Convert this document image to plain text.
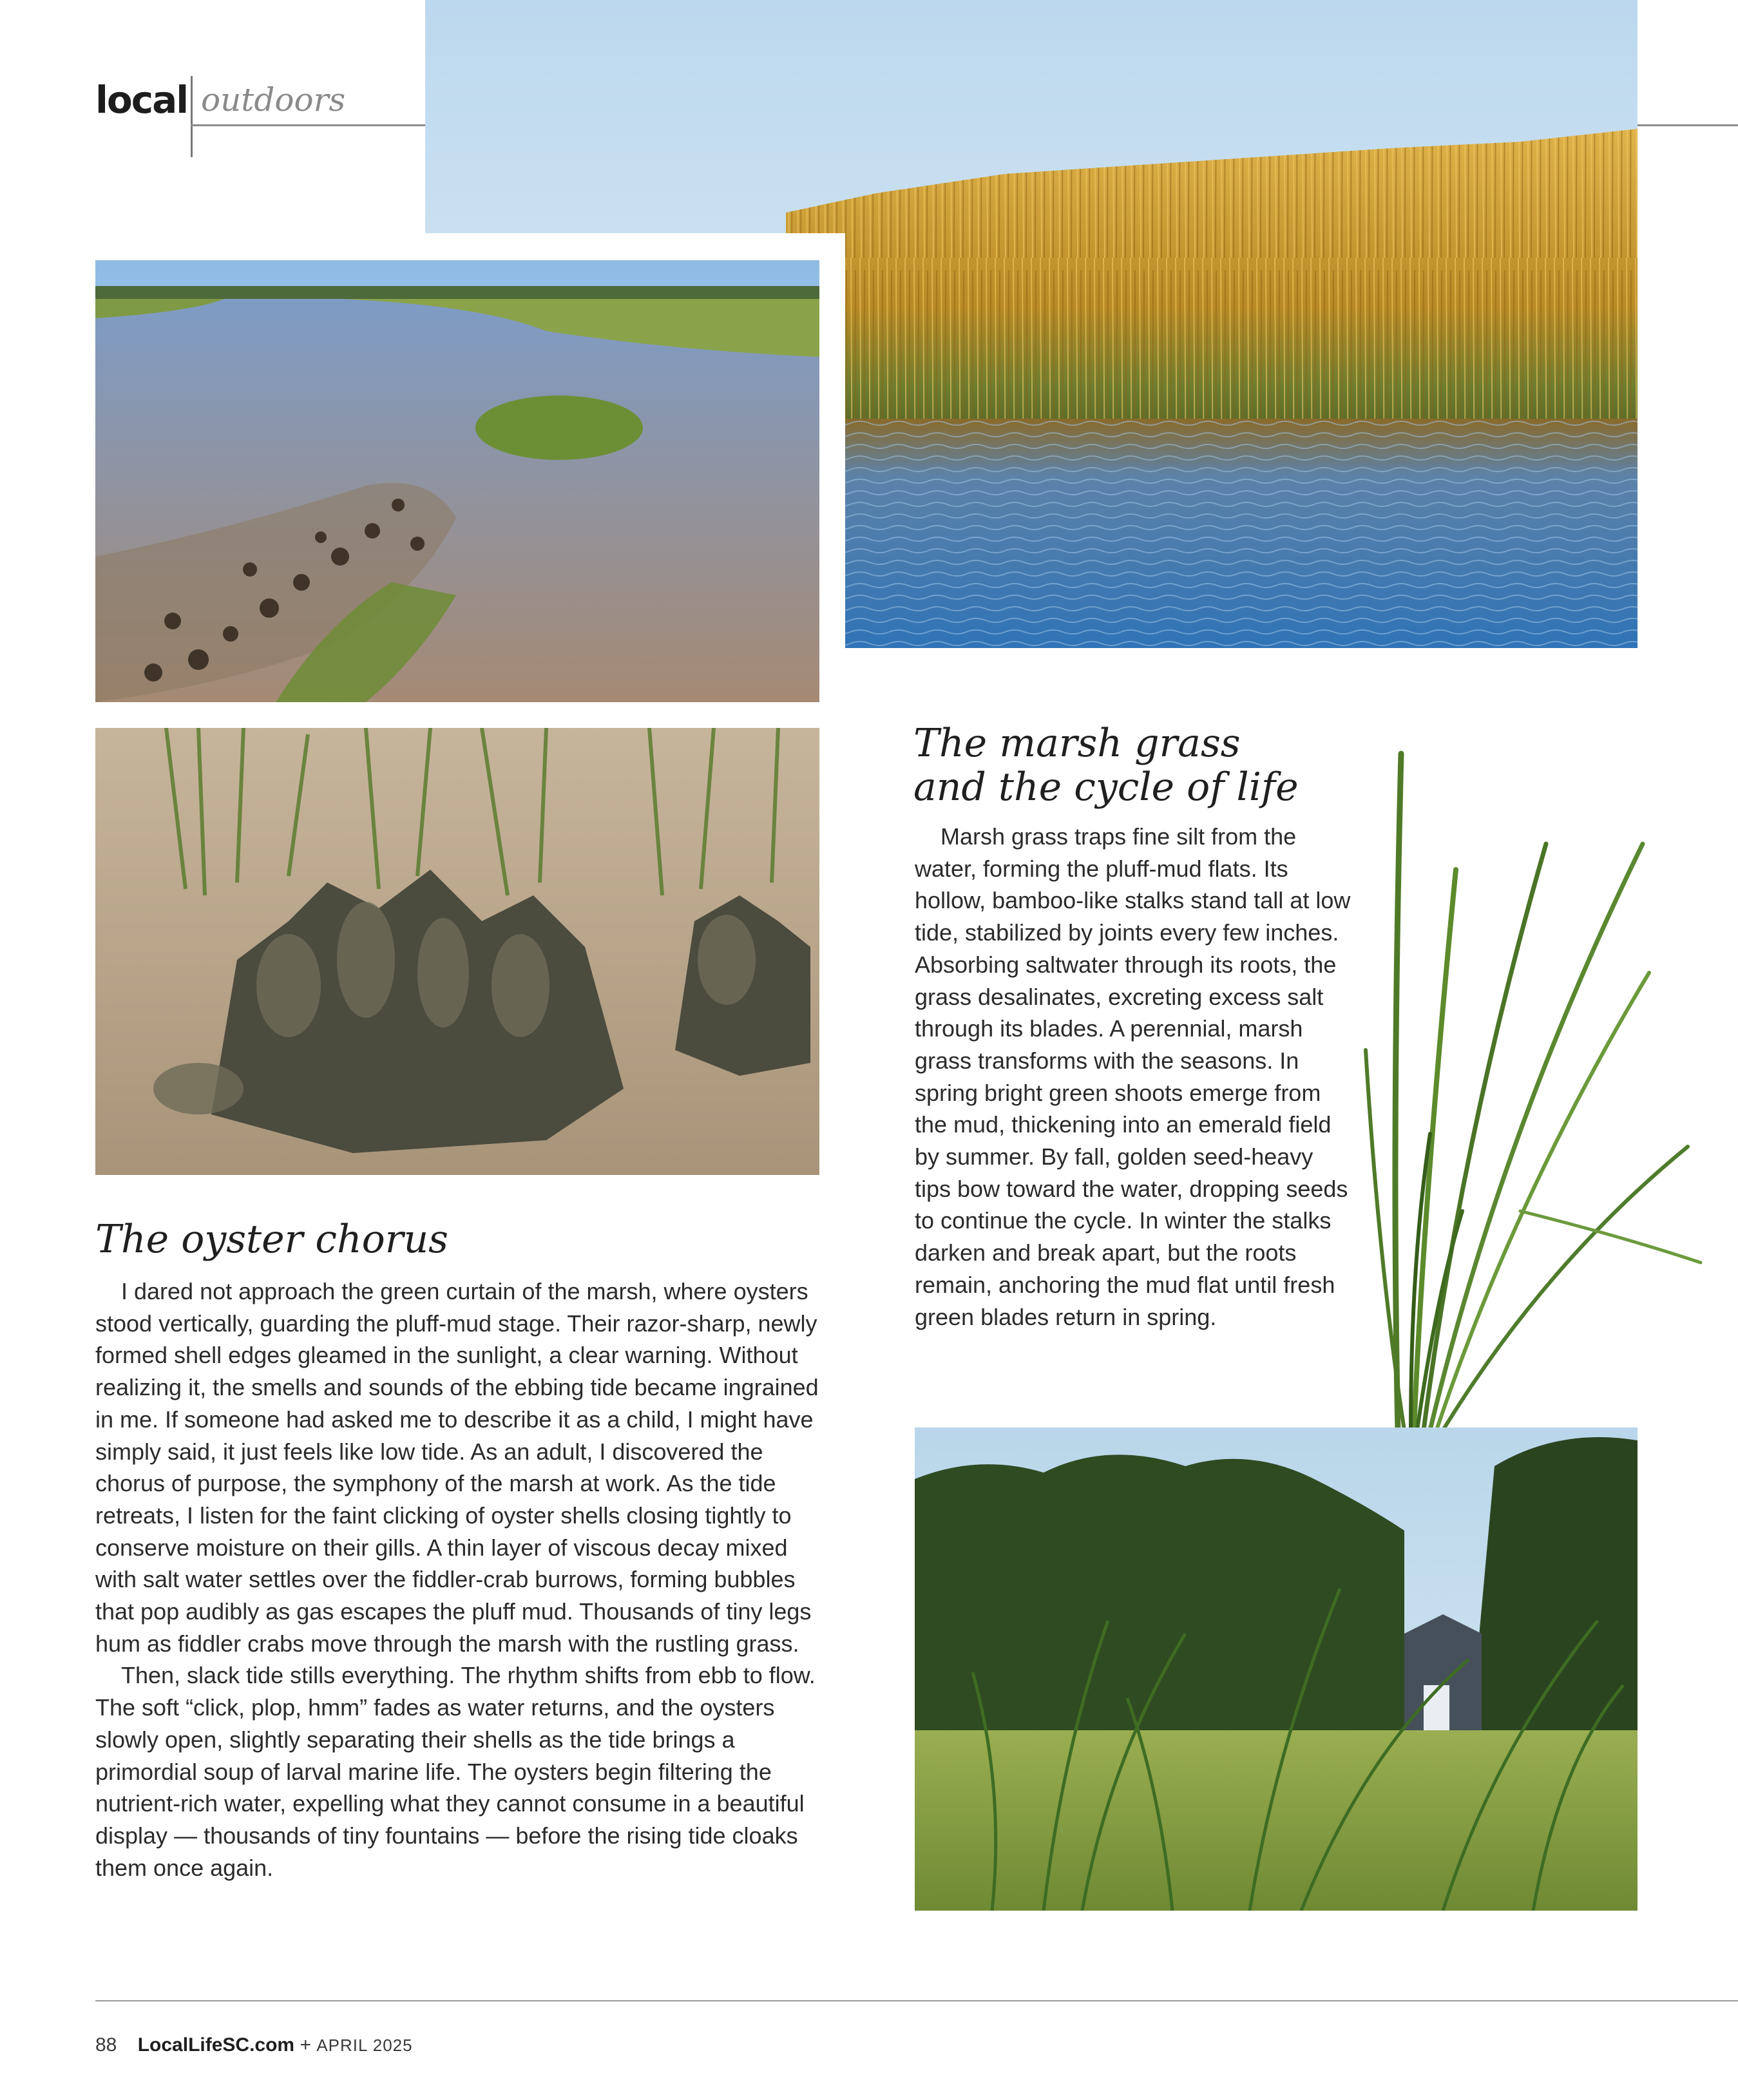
local outdoors
The marsh grass
and the cycle of life

Marsh grass traps fine silt from the water, forming the pluff-mud flats. Its hollow, bamboo-like stalks stand tall at low tide, stabilized by joints every few inches. Absorbing saltwater through its roots, the grass desalinates, excreting excess salt through its blades. A perennial, marsh grass transforms with the seasons. In spring bright green shoots emerge from the mud, thickening into an emerald field by summer. By fall, golden seed-heavy tips bow toward the water, dropping seeds to continue the cycle. In winter the stalks darken and break apart, but the roots remain, anchoring the mud flat until fresh green blades return in spring.

The oyster chorus

I dared not approach the green curtain of the marsh, where oysters stood vertically, guarding the pluff-mud stage. Their razor-sharp, newly formed shell edges gleamed in the sunlight, a clear warning. Without realizing it, the smells and sounds of the ebbing tide became ingrained in me. If someone had asked me to describe it as a child, I might have simply said, it just feels like low tide. As an adult, I discovered the chorus of purpose, the symphony of the marsh at work. As the tide retreats, I listen for the faint clicking of oyster shells closing tightly to conserve moisture on their gills. A thin layer of viscous decay mixed with salt water settles over the fiddler-crab burrows, forming bubbles that pop audibly as gas escapes the pluff mud. Thousands of tiny legs hum as fiddler crabs move through the marsh with the rustling grass.

Then, slack tide stills everything. The rhythm shifts from ebb to flow. The soft “click, plop, hmm” fades as water returns, and the oysters slowly open, slightly separating their shells as the tide brings a primordial soup of larval marine life. The oysters begin filtering the nutrient-rich water, expelling what they cannot consume in a beautiful display — thousands of tiny fountains — before the rising tide cloaks them once again.

88 LocalLifeSC.com + APRIL 2025
